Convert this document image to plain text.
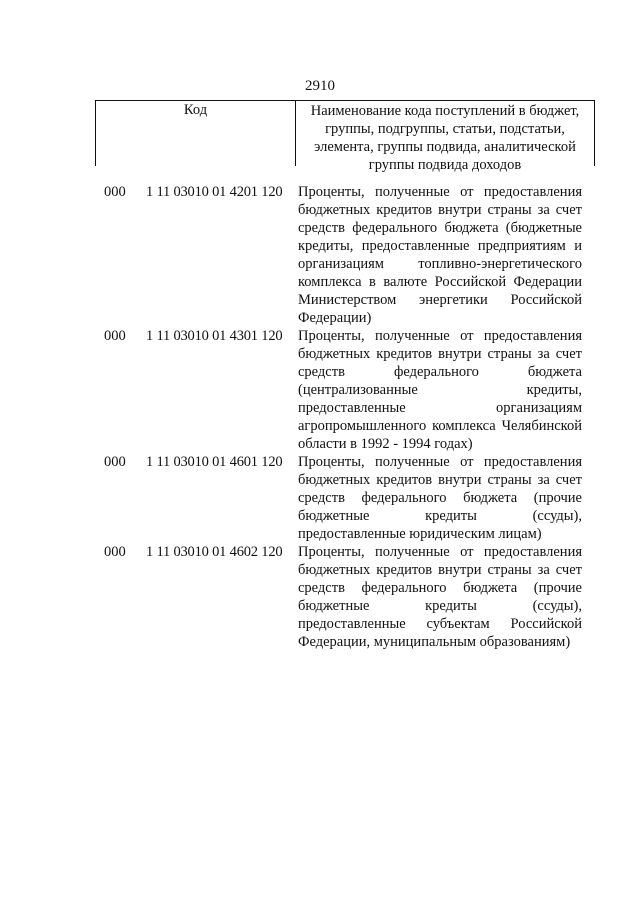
2910
Код	Наименование кода поступлений в бюджет, группы, подгруппы, статьи, подстатьи, элемента, группы подвида, аналитической группы подвида доходов
000	1 11 03010 01 4201 120	Проценты, полученные от предоставления
бюджетных кредитов внутри страны за счет
средств федерального бюджета (бюджетные
кредиты, предоставленные предприятиям и
организациям топливно-энергетического
комплекса в валюте Российской Федерации
Министерством энергетики Российской
Федерации)
000	1 11 03010 01 4301 120	Проценты, полученные от предоставления
бюджетных кредитов внутри страны за счет
средств федерального бюджета
(централизованные кредиты,
предоставленные организациям
агропромышленного комплекса Челябинской
области в 1992 - 1994 годах)
000	1 11 03010 01 4601 120	Проценты, полученные от предоставления
бюджетных кредитов внутри страны за счет
средств федерального бюджета (прочие
бюджетные кредиты (ссуды),
предоставленные юридическим лицам)
000	1 11 03010 01 4602 120	Проценты, полученные от предоставления
бюджетных кредитов внутри страны за счет
средств федерального бюджета (прочие
бюджетные кредиты (ссуды),
предоставленные субъектам Российской
Федерации, муниципальным образованиям)
